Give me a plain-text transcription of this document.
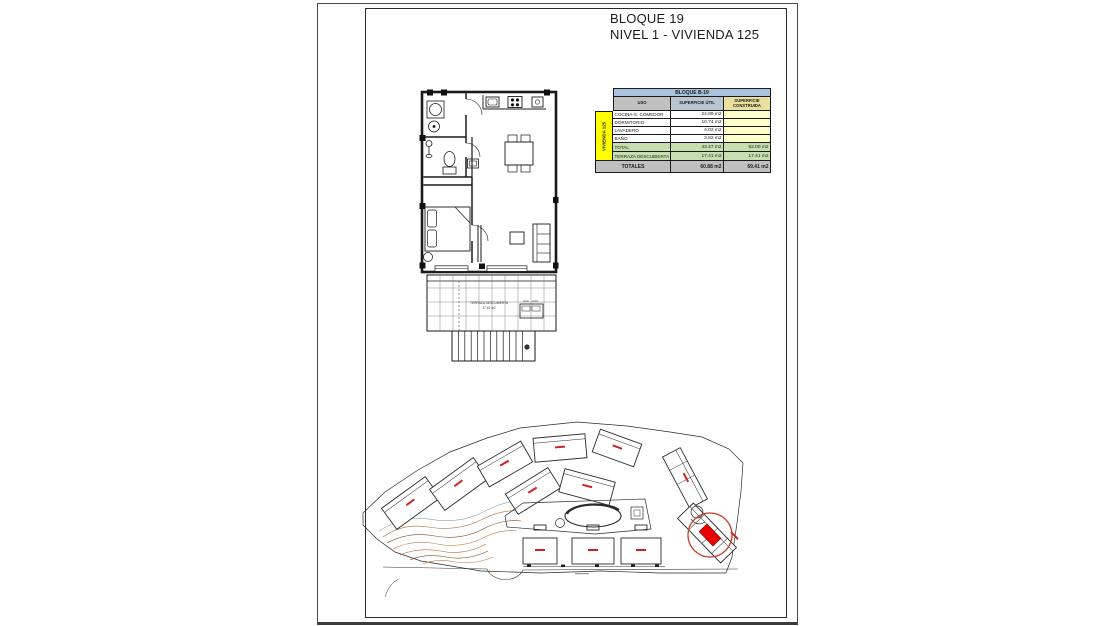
BLOQUE 19
NIVEL 1 - VIVIENDA 125
BLOQUE B-19
USO	SUPERFICIE ÚTIL	SUPERFICIE CONSTRUIDA
VIVIENDA 125
COCINA-S. COMEDOR	24.89 m2
DORMITORIO	10.74 m2
LAVADERO	4.02 m2
BAÑO	3.82 m2
TOTAL	43.47 m2	52.00 m2
TERRAZA DESCUBIERTA	17.41 m2	17.41 m2
TOTALES	60.88 m2	69.41 m2
TERRAZA DESCUBIERTA
17.41 m2
